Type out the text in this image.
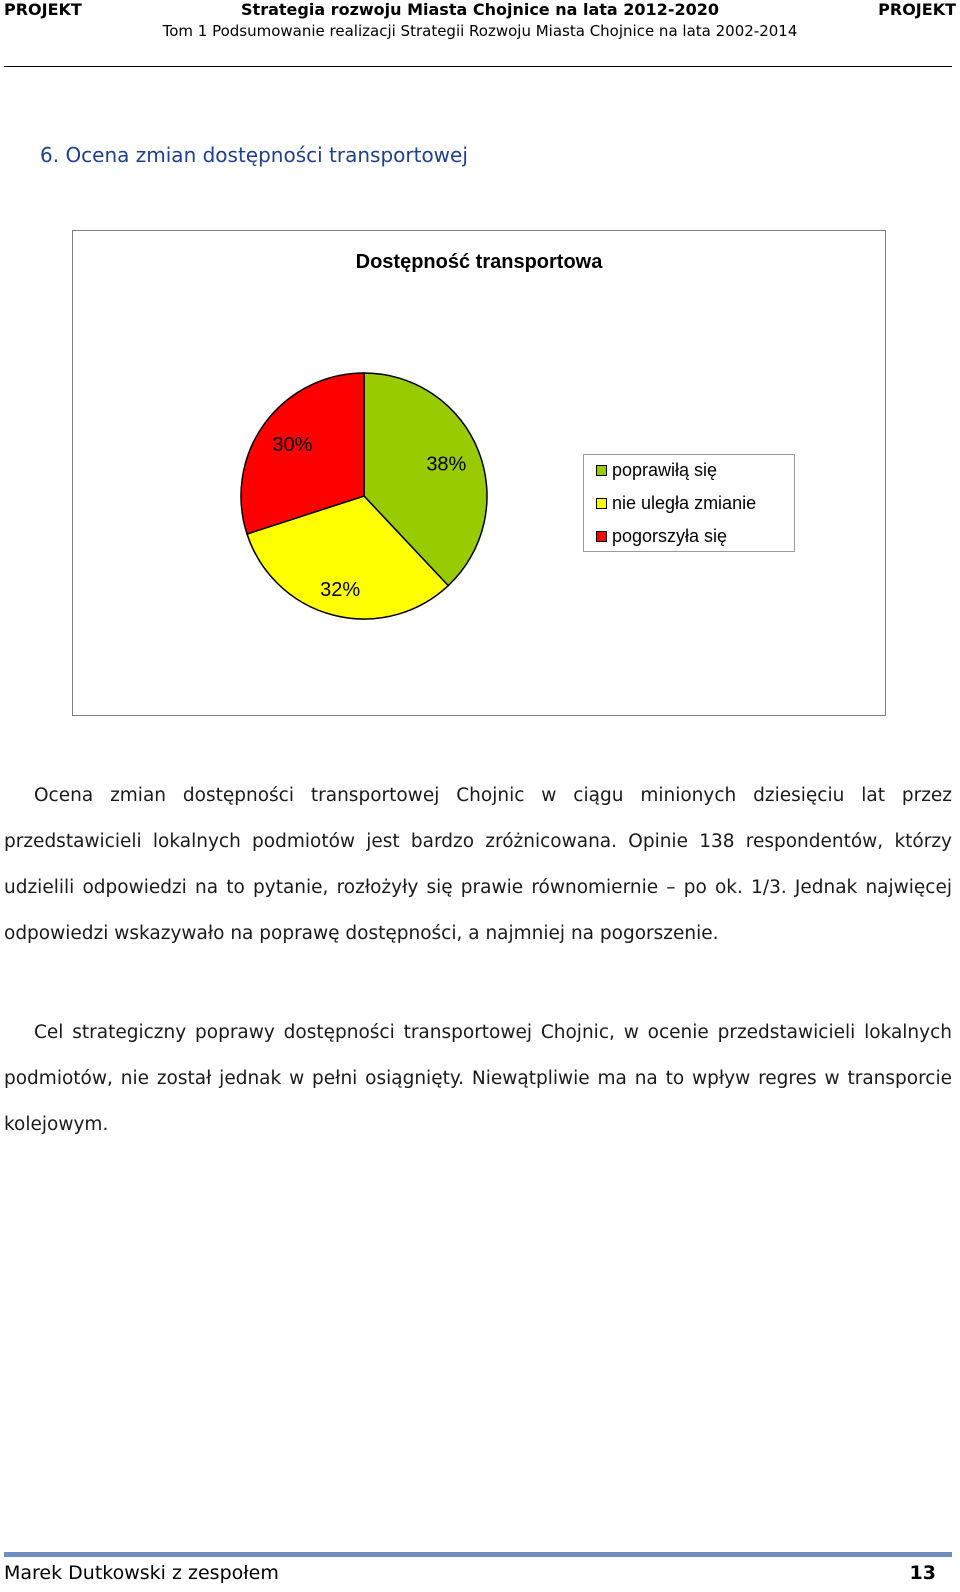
PROJEKT	Strategia rozwoju Miasta Chojnice na lata 2012-2020	PROJEKT
Tom 1 Podsumowanie realizacji Strategii Rozwoju Miasta Chojnice na lata 2002-2014
6. Ocena zmian dostępności transportowej
Dostępność transportowa
38%
32%
30%
poprawiłą się
nie uległa zmianie
pogorszyła się

Ocena zmian dostępności transportowej Chojnic w ciągu minionych dziesięciu lat przez przedstawicieli lokalnych podmiotów jest bardzo zróżnicowana. Opinie 138 respondentów, którzy udzielili odpowiedzi na to pytanie, rozłożyły się prawie równomiernie – po ok. 1/3. Jednak najwięcej odpowiedzi wskazywało na poprawę dostępności, a najmniej na pogorszenie.

Cel strategiczny poprawy dostępności transportowej Chojnic, w ocenie przedstawicieli lokalnych podmiotów, nie został jednak w pełni osiągnięty. Niewątpliwie ma na to wpływ regres w transporcie kolejowym.

Marek Dutkowski z zespołem	13
